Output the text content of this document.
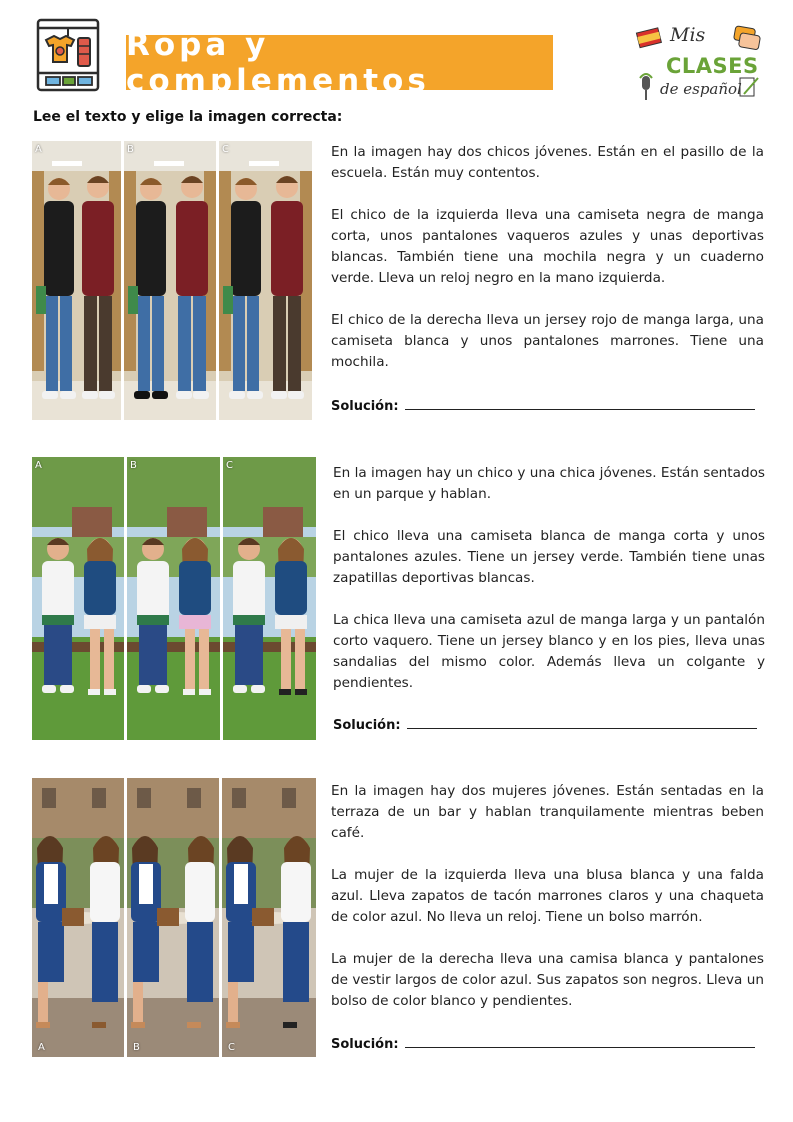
Ropa y complementos
Mis
CLASES
de español
Lee el texto y elige la imagen correcta:
A	B	C	En la imagen hay dos chicos jóvenes. Están en el pasillo de la escuela. Están muy contentos.

El chico de la izquierda lleva una camiseta negra de manga corta, unos pantalones vaqueros azules y unas deportivas blancas. También tiene una mochila negra y un cuaderno verde. Lleva un reloj negro en la mano izquierda.

El chico de la derecha lleva un jersey rojo de manga larga, una camiseta blanca y unos pantalones marrones. Tiene una mochila.

Solución:
A	B	C	En la imagen hay un chico y una chica jóvenes. Están sentados en un parque y hablan.

El chico lleva una camiseta blanca de manga corta y unos pantalones azules. Tiene un jersey verde. También tiene unas zapatillas deportivas blancas.

La chica lleva una camiseta azul de manga larga y un pantalón corto vaquero. Tiene un jersey blanco y en los pies, lleva unas sandalias del mismo color. Además lleva un colgante y pendientes.

Solución:
A	B	C

En la imagen hay dos mujeres jóvenes. Están sentadas en la terraza de un bar y hablan tranquilamente mientras beben café.

La mujer de la izquierda lleva una blusa blanca y una falda azul. Lleva zapatos de tacón marrones claros y una chaqueta de color azul. No lleva un reloj. Tiene un bolso marrón.

La mujer de la derecha lleva una camisa blanca y pantalones de vestir largos de color azul. Sus zapatos son negros. Lleva un bolso de color blanco y pendientes.

Solución:
